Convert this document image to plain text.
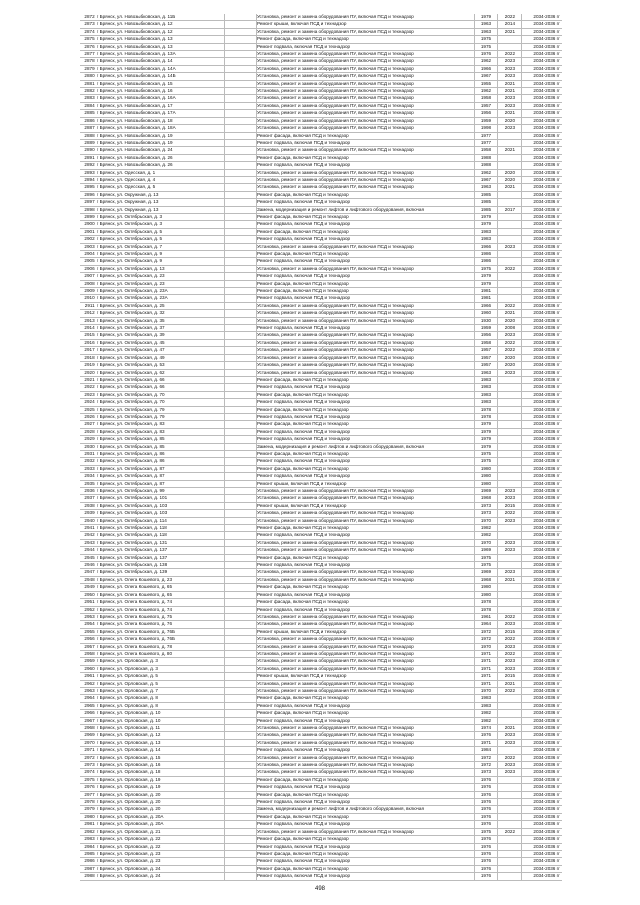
2872	г Брянск, ул. Новозыбковская, д. 11Б		Установка, ремонт и замена оборудования ПУ, включая ПСД и технадзор	1979	2022	2034-2036 гг
2873	г Брянск, ул. Новозыбковская, д. 12		Ремонт крыши, включая ПСД и технадзор	1963	2014	2034-2036 гг
2874	г Брянск, ул. Новозыбковская, д. 12		Установка, ремонт и замена оборудования ПУ, включая ПСД и технадзор	1963	2021	2034-2036 гг
2875	г Брянск, ул. Новозыбковская, д. 13		Ремонт фасада, включая ПСД и технадзор	1975		2034-2036 гг
2876	г Брянск, ул. Новозыбковская, д. 13		Ремонт подвала, включая ПСД и технадзор	1975		2034-2036 гг
2877	г Брянск, ул. Новозыбковская, д. 13А		Установка, ремонт и замена оборудования ПУ, включая ПСД и технадзор	1976	2022	2034-2036 гг
2878	г Брянск, ул. Новозыбковская, д. 14		Установка, ремонт и замена оборудования ПУ, включая ПСД и технадзор	1962	2023	2034-2036 гг
2879	г Брянск, ул. Новозыбковская, д. 14А		Установка, ремонт и замена оборудования ПУ, включая ПСД и технадзор	1966	2023	2034-2036 гг
2880	г Брянск, ул. Новозыбковская, д. 14Б		Установка, ремонт и замена оборудования ПУ, включая ПСД и технадзор	1967	2023	2034-2036 гг
2881	г Брянск, ул. Новозыбковская, д. 15		Установка, ремонт и замена оборудования ПУ, включая ПСД и технадзор	1955	2021	2034-2036 гг
2882	г Брянск, ул. Новозыбковская, д. 16		Установка, ремонт и замена оборудования ПУ, включая ПСД и технадзор	1962	2021	2034-2036 гг
2883	г Брянск, ул. Новозыбковская, д. 16А		Установка, ремонт и замена оборудования ПУ, включая ПСД и технадзор	1958	2023	2034-2036 гг
2884	г Брянск, ул. Новозыбковская, д. 17		Установка, ремонт и замена оборудования ПУ, включая ПСД и технадзор	1957	2023	2034-2036 гг
2885	г Брянск, ул. Новозыбковская, д. 17А		Установка, ремонт и замена оборудования ПУ, включая ПСД и технадзор	1956	2021	2034-2036 гг
2886	г Брянск, ул. Новозыбковская, д. 18		Установка, ремонт и замена оборудования ПУ, включая ПСД и технадзор	1959	2020	2034-2036 гг
2887	г Брянск, ул. Новозыбковская, д. 18А		Установка, ремонт и замена оборудования ПУ, включая ПСД и технадзор	1998	2023	2034-2036 гг
2888	г Брянск, ул. Новозыбковская, д. 19		Ремонт фасада, включая ПСД и технадзор	1977		2034-2036 гг
2889	г Брянск, ул. Новозыбковская, д. 19		Ремонт подвала, включая ПСД и технадзор	1977		2034-2036 гг
2890	г Брянск, ул. Новозыбковская, д. 24		Установка, ремонт и замена оборудования ПУ, включая ПСД и технадзор	1958	2021	2034-2036 гг
2891	г Брянск, ул. Новозыбковская, д. 26		Ремонт фасада, включая ПСД и технадзор	1988		2034-2036 гг
2892	г Брянск, ул. Новозыбковская, д. 26		Ремонт подвала, включая ПСД и технадзор	1988		2034-2036 гг
2893	г Брянск, ул. Одесская, д. 1		Установка, ремонт и замена оборудования ПУ, включая ПСД и технадзор	1962	2020	2034-2036 гг
2894	г Брянск, ул. Одесская, д. 4		Установка, ремонт и замена оборудования ПУ, включая ПСД и технадзор	1967	2020	2034-2036 гг
2895	г Брянск, ул. Одесская, д. 5		Установка, ремонт и замена оборудования ПУ, включая ПСД и технадзор	1963	2021	2034-2036 гг
2896	г Брянск, ул. Окружная, д. 13		Ремонт фасада, включая ПСД и технадзор	1985		2034-2036 гг
2897	г Брянск, ул. Окружная, д. 13		Ремонт подвала, включая ПСД и технадзор	1985		2034-2036 гг
2898	г Брянск, ул. Окружная, д. 13		Замена, модернизация и ремонт лифтов и лифтового оборудования, включая	1985	2017	2034-2036 гг
2899	г Брянск, ул. Октябрьская, д. 3		Ремонт фасада, включая ПСД и технадзор	1979		2034-2036 гг
2900	г Брянск, ул. Октябрьская, д. 3		Ремонт подвала, включая ПСД и технадзор	1979		2034-2036 гг
2901	г Брянск, ул. Октябрьская, д. 5		Ремонт фасада, включая ПСД и технадзор	1983		2034-2036 гг
2902	г Брянск, ул. Октябрьская, д. 5		Ремонт подвала, включая ПСД и технадзор	1983		2034-2036 гг
2903	г Брянск, ул. Октябрьская, д. 7		Установка, ремонт и замена оборудования ПУ, включая ПСД и технадзор	1966	2023	2034-2036 гг
2904	г Брянск, ул. Октябрьская, д. 9		Ремонт фасада, включая ПСД и технадзор	1986		2034-2036 гг
2905	г Брянск, ул. Октябрьская, д. 9		Ремонт подвала, включая ПСД и технадзор	1986		2034-2036 гг
2906	г Брянск, ул. Октябрьская, д. 13		Установка, ремонт и замена оборудования ПУ, включая ПСД и технадзор	1975	2022	2034-2036 гг
2907	г Брянск, ул. Октябрьская, д. 23		Ремонт подвала, включая ПСД и технадзор	1979		2034-2036 гг
2908	г Брянск, ул. Октябрьская, д. 23		Ремонт фасада, включая ПСД и технадзор	1979		2034-2036 гг
2909	г Брянск, ул. Октябрьская, д. 23А		Ремонт фасада, включая ПСД и технадзор	1981		2034-2036 гг
2910	г Брянск, ул. Октябрьская, д. 23А		Ремонт подвала, включая ПСД и технадзор	1981		2034-2036 гг
2911	г Брянск, ул. Октябрьская, д. 25		Установка, ремонт и замена оборудования ПУ, включая ПСД и технадзор	1966	2022	2034-2036 гг
2912	г Брянск, ул. Октябрьская, д. 32		Установка, ремонт и замена оборудования ПУ, включая ПСД и технадзор	1960	2021	2034-2036 гг
2913	г Брянск, ул. Октябрьская, д. 35		Установка, ремонт и замена оборудования ПУ, включая ПСД и технадзор	1930	2020	2034-2036 гг
2914	г Брянск, ул. Октябрьская, д. 37		Ремонт подвала, включая ПСД и технадзор	1959	2008	2034-2036 гг
2915	г Брянск, ул. Октябрьская, д. 39		Установка, ремонт и замена оборудования ПУ, включая ПСД и технадзор	1956	2023	2034-2036 гг
2916	г Брянск, ул. Октябрьская, д. 45		Установка, ремонт и замена оборудования ПУ, включая ПСД и технадзор	1958	2022	2034-2036 гг
2917	г Брянск, ул. Октябрьская, д. 47		Установка, ремонт и замена оборудования ПУ, включая ПСД и технадзор	1957	2022	2034-2036 гг
2918	г Брянск, ул. Октябрьская, д. 49		Установка, ремонт и замена оборудования ПУ, включая ПСД и технадзор	1957	2020	2034-2036 гг
2919	г Брянск, ул. Октябрьская, д. 53		Установка, ремонт и замена оборудования ПУ, включая ПСД и технадзор	1957	2020	2034-2036 гг
2920	г Брянск, ул. Октябрьская, д. 62		Установка, ремонт и замена оборудования ПУ, включая ПСД и технадзор	1963	2023	2034-2036 гг
2921	г Брянск, ул. Октябрьская, д. 66		Ремонт фасада, включая ПСД и технадзор	1983		2034-2036 гг
2922	г Брянск, ул. Октябрьская, д. 66		Ремонт подвала, включая ПСД и технадзор	1983		2034-2036 гг
2923	г Брянск, ул. Октябрьская, д. 70		Ремонт фасада, включая ПСД и технадзор	1983		2034-2036 гг
2924	г Брянск, ул. Октябрьская, д. 70		Ремонт подвала, включая ПСД и технадзор	1983		2034-2036 гг
2925	г Брянск, ул. Октябрьская, д. 79		Ремонт фасада, включая ПСД и технадзор	1978		2034-2036 гг
2926	г Брянск, ул. Октябрьская, д. 79		Ремонт подвала, включая ПСД и технадзор	1978		2034-2036 гг
2927	г Брянск, ул. Октябрьская, д. 83		Ремонт фасада, включая ПСД и технадзор	1979		2034-2036 гг
2928	г Брянск, ул. Октябрьская, д. 83		Ремонт подвала, включая ПСД и технадзор	1979		2034-2036 гг
2929	г Брянск, ул. Октябрьская, д. 85		Ремонт подвала, включая ПСД и технадзор	1979		2034-2036 гг
2930	г Брянск, ул. Октябрьская, д. 85		Замена, модернизация и ремонт лифтов и лифтового оборудования, включая	1979		2034-2036 гг
2931	г Брянск, ул. Октябрьская, д. 86		Ремонт фасада, включая ПСД и технадзор	1975		2034-2036 гг
2932	г Брянск, ул. Октябрьская, д. 86		Ремонт подвала, включая ПСД и технадзор	1975		2034-2036 гг
2933	г Брянск, ул. Октябрьская, д. 87		Ремонт фасада, включая ПСД и технадзор	1980		2034-2036 гг
2934	г Брянск, ул. Октябрьская, д. 87		Ремонт подвала, включая ПСД и технадзор	1980		2034-2036 гг
2935	г Брянск, ул. Октябрьская, д. 87		Ремонт крыши, включая ПСД и технадзор	1980		2034-2036 гг
2936	г Брянск, ул. Октябрьская, д. 99		Установка, ремонт и замена оборудования ПУ, включая ПСД и технадзор	1969	2023	2034-2036 гг
2937	г Брянск, ул. Октябрьская, д. 101		Установка, ремонт и замена оборудования ПУ, включая ПСД и технадзор	1968	2023	2034-2036 гг
2938	г Брянск, ул. Октябрьская, д. 103		Ремонт крыши, включая ПСД и технадзор	1973	2015	2034-2036 гг
2939	г Брянск, ул. Октябрьская, д. 103		Установка, ремонт и замена оборудования ПУ, включая ПСД и технадзор	1973	2022	2034-2036 гг
2940	г Брянск, ул. Октябрьская, д. 114		Установка, ремонт и замена оборудования ПУ, включая ПСД и технадзор	1970	2023	2034-2036 гг
2941	г Брянск, ул. Октябрьская, д. 118		Ремонт фасада, включая ПСД и технадзор	1982		2034-2036 гг
2942	г Брянск, ул. Октябрьская, д. 118		Ремонт подвала, включая ПСД и технадзор	1982		2034-2036 гг
2943	г Брянск, ул. Октябрьская, д. 131		Установка, ремонт и замена оборудования ПУ, включая ПСД и технадзор	1970	2023	2034-2036 гг
2944	г Брянск, ул. Октябрьская, д. 137		Установка, ремонт и замена оборудования ПУ, включая ПСД и технадзор	1969	2023	2034-2036 гг
2945	г Брянск, ул. Октябрьская, д. 137		Ремонт фасада, включая ПСД и технадзор	1975		2034-2036 гг
2946	г Брянск, ул. Октябрьская, д. 138		Ремонт подвала, включая ПСД и технадзор	1975		2034-2036 гг
2947	г Брянск, ул. Октябрьская, д. 139		Установка, ремонт и замена оборудования ПУ, включая ПСД и технадзор	1969	2023	2034-2036 гг
2948	г Брянск, ул. Олега Кошевого, д. 23		Установка, ремонт и замена оборудования ПУ, включая ПСД и технадзор	1968	2021	2034-2036 гг
2949	г Брянск, ул. Олега Кошевого, д. 65		Ремонт фасада, включая ПСД и технадзор	1980		2034-2036 гг
2950	г Брянск, ул. Олега Кошевого, д. 65		Ремонт подвала, включая ПСД и технадзор	1980		2034-2036 гг
2951	г Брянск, ул. Олега Кошевого, д. 74		Ремонт фасада, включая ПСД и технадзор	1978		2034-2036 гг
2952	г Брянск, ул. Олега Кошевого, д. 74		Ремонт подвала, включая ПСД и технадзор	1978		2034-2036 гг
2953	г Брянск, ул. Олега Кошевого, д. 75		Установка, ремонт и замена оборудования ПУ, включая ПСД и технадзор	1961	2022	2034-2036 гг
2954	г Брянск, ул. Олега Кошевого, д. 76		Установка, ремонт и замена оборудования ПУ, включая ПСД и технадзор	1964	2023	2034-2036 гг
2955	г Брянск, ул. Олега Кошевого, д. 76Б		Ремонт крыши, включая ПСД и технадзор	1972	2015	2034-2036 гг
2956	г Брянск, ул. Олега Кошевого, д. 76Б		Установка, ремонт и замена оборудования ПУ, включая ПСД и технадзор	1972	2022	2034-2036 гг
2957	г Брянск, ул. Олега Кошевого, д. 78		Установка, ремонт и замена оборудования ПУ, включая ПСД и технадзор	1970	2023	2034-2036 гг
2958	г Брянск, ул. Олега Кошевого, д. 80		Установка, ремонт и замена оборудования ПУ, включая ПСД и технадзор	1971	2022	2034-2036 гг
2959	г Брянск, ул. Орловская, д. 3		Установка, ремонт и замена оборудования ПУ, включая ПСД и технадзор	1971	2023	2034-2036 гг
2960	г Брянск, ул. Орловская, д. 3		Установка, ремонт и замена оборудования ПУ, включая ПСД и технадзор	1971	2023	2034-2036 гг
2961	г Брянск, ул. Орловская, д. 5		Ремонт крыши, включая ПСД и технадзор	1971	2015	2034-2036 гг
2962	г Брянск, ул. Орловская, д. 5		Установка, ремонт и замена оборудования ПУ, включая ПСД и технадзор	1971	2021	2034-2036 гг
2963	г Брянск, ул. Орловская, д. 7		Установка, ремонт и замена оборудования ПУ, включая ПСД и технадзор	1970	2022	2034-2036 гг
2964	г Брянск, ул. Орловская, д. 8		Ремонт фасада, включая ПСД и технадзор	1983		2034-2036 гг
2965	г Брянск, ул. Орловская, д. 8		Ремонт подвала, включая ПСД и технадзор	1983		2034-2036 гг
2966	г Брянск, ул. Орловская, д. 10		Ремонт фасада, включая ПСД и технадзор	1982		2034-2036 гг
2967	г Брянск, ул. Орловская, д. 10		Ремонт подвала, включая ПСД и технадзор	1982		2034-2036 гг
2968	г Брянск, ул. Орловская, д. 11		Установка, ремонт и замена оборудования ПУ, включая ПСД и технадзор	1974	2021	2034-2036 гг
2969	г Брянск, ул. Орловская, д. 12		Установка, ремонт и замена оборудования ПУ, включая ПСД и технадзор	1976	2023	2034-2036 гг
2970	г Брянск, ул. Орловская, д. 13		Установка, ремонт и замена оборудования ПУ, включая ПСД и технадзор	1971	2023	2034-2036 гг
2971	г Брянск, ул. Орловская, д. 14		Ремонт подвала, включая ПСД и технадзор	1984		2034-2036 гг
2972	г Брянск, ул. Орловская, д. 15		Установка, ремонт и замена оборудования ПУ, включая ПСД и технадзор	1972	2022	2034-2036 гг
2973	г Брянск, ул. Орловская, д. 16		Установка, ремонт и замена оборудования ПУ, включая ПСД и технадзор	1972	2023	2034-2036 гг
2974	г Брянск, ул. Орловская, д. 18		Установка, ремонт и замена оборудования ПУ, включая ПСД и технадзор	1973	2023	2034-2036 гг
2975	г Брянск, ул. Орловская, д. 19		Ремонт фасада, включая ПСД и технадзор	1976		2034-2036 гг
2976	г Брянск, ул. Орловская, д. 19		Ремонт подвала, включая ПСД и технадзор	1976		2034-2036 гг
2977	г Брянск, ул. Орловская, д. 20		Ремонт фасада, включая ПСД и технадзор	1976		2034-2036 гг
2978	г Брянск, ул. Орловская, д. 20		Ремонт подвала, включая ПСД и технадзор	1976		2034-2036 гг
2979	г Брянск, ул. Орловская, д. 20		Замена, модернизация и ремонт лифтов и лифтового оборудования, включая	1976		2034-2036 гг
2980	г Брянск, ул. Орловская, д. 20А		Ремонт фасада, включая ПСД и технадзор	1976		2034-2036 гг
2981	г Брянск, ул. Орловская, д. 20А		Ремонт подвала, включая ПСД и технадзор	1976		2034-2036 гг
2982	г Брянск, ул. Орловская, д. 21		Установка, ремонт и замена оборудования ПУ, включая ПСД и технадзор	1975	2022	2034-2036 гг
2983	г Брянск, ул. Орловская, д. 22		Ремонт фасада, включая ПСД и технадзор	1976		2034-2036 гг
2984	г Брянск, ул. Орловская, д. 22		Ремонт подвала, включая ПСД и технадзор	1976		2034-2036 гг
2985	г Брянск, ул. Орловская, д. 23		Ремонт фасада, включая ПСД и технадзор	1976		2034-2036 гг
2986	г Брянск, ул. Орловская, д. 23		Ремонт подвала, включая ПСД и технадзор	1976		2034-2036 гг
2987	г Брянск, ул. Орловская, д. 24		Ремонт фасада, включая ПСД и технадзор	1976		2034-2036 гг
2988	г Брянск, ул. Орловская, д. 24		Ремонт подвала, включая ПСД и технадзор	1976		2034-2036 гг
498
